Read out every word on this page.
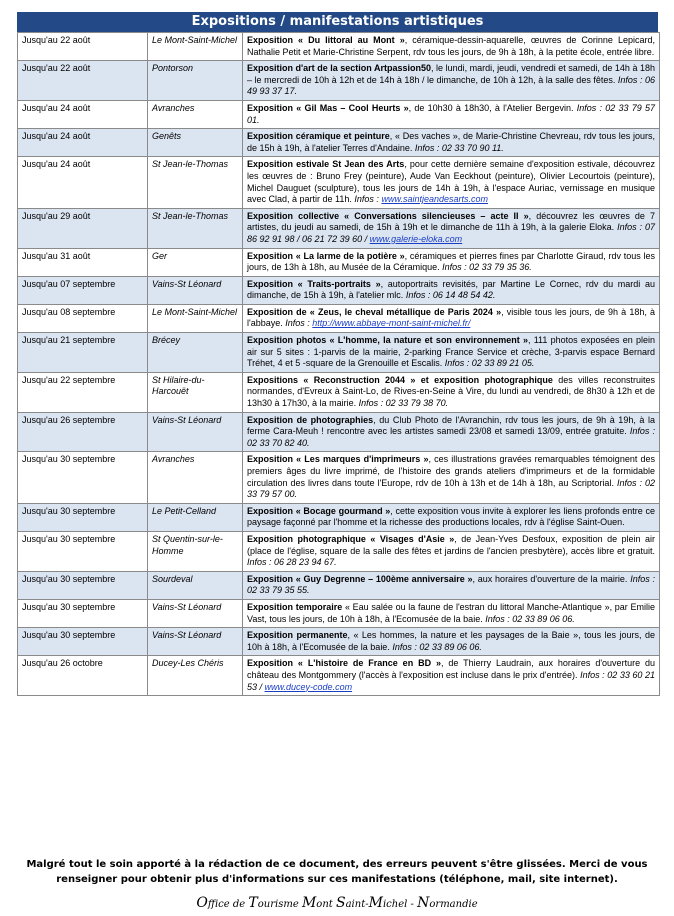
Expositions / manifestations artistiques
Jusqu'au 22 août	Le Mont-Saint-Michel	Exposition « Du littoral au Mont », céramique-dessin-aquarelle, œuvres de Corinne Lepicard, Nathalie Petit et Marie-Christine Serpent, rdv tous les jours, de 9h à 18h, à la petite école, entrée libre.
Jusqu'au 22 août	Pontorson	Exposition d'art de la section Artpassion50, le lundi, mardi, jeudi, vendredi et samedi, de 14h à 18h – le mercredi de 10h à 12h et de 14h à 18h / le dimanche, de 10h à 12h, à la salle des fêtes. Infos : 06 49 93 37 17.
Jusqu'au 24 août	Avranches	Exposition « Gil Mas – Cool Heurts », de 10h30 à 18h30, à l'Atelier Bergevin. Infos : 02 33 79 57 01.
Jusqu'au 24 août	Genêts	Exposition céramique et peinture, « Des vaches », de Marie-Christine Chevreau, rdv tous les jours, de 15h à 19h, à l'atelier Terres d'Andaine. Infos : 02 33 70 90 11.
Jusqu'au 24 août	St Jean-le-Thomas	Exposition estivale St Jean des Arts, pour cette dernière semaine d'exposition estivale, découvrez les œuvres de : Bruno Frey (peinture), Aude Van Eeckhout (peinture), Olivier Lecourtois (peinture), Michel Dauguet (sculpture), tous les jours de 14h à 19h, à l'espace Auriac, vernissage en musique avec Clad, à partir de 11h. Infos : www.saintjeandesarts.com
Jusqu'au 29 août	St Jean-le-Thomas	Exposition collective « Conversations silencieuses – acte II », découvrez les œuvres de 7 artistes, du jeudi au samedi, de 15h à 19h et le dimanche de 11h à 19h, à la galerie Eloka. Infos : 07 86 92 91 98 / 06 21 72 39 60 / www.galerie-eloka.com
Jusqu'au 31 août	Ger	Exposition « La larme de la potière », céramiques et pierres fines par Charlotte Giraud, rdv tous les jours, de 13h à 18h, au Musée de la Céramique. Infos : 02 33 79 35 36.
Jusqu'au 07 septembre	Vains-St Léonard	Exposition « Traits-portraits », autoportraits revisités, par Martine Le Cornec, rdv du mardi au dimanche, de 15h à 19h, à l'atelier mlc. Infos : 06 14 48 54 42.
Jusqu'au 08 septembre	Le Mont-Saint-Michel	Exposition de « Zeus, le cheval métallique de Paris 2024 », visible tous les jours, de 9h à 18h, à l'abbaye. Infos : http://www.abbaye-mont-saint-michel.fr/
Jusqu'au 21 septembre	Brécey	Exposition photos « L'homme, la nature et son environnement », 111 photos exposées en plein air sur 5 sites : 1-parvis de la mairie, 2-parking France Service et crèche, 3-parvis espace Bernard Tréhet, 4 et 5 -square de la Grenouille et Escalis. Infos : 02 33 89 21 05.
Jusqu'au 22 septembre	St Hilaire-du-Harcouët	Expositions « Reconstruction 2044 » et exposition photographique des villes reconstruites normandes, d'Evreux à Saint-Lo, de Rives-en-Seine à Vire, du lundi au vendredi, de 8h30 à 12h et de 13h30 à 17h30, à la mairie. Infos : 02 33 79 38 70.
Jusqu'au 26 septembre	Vains-St Léonard	Exposition de photographies, du Club Photo de l'Avranchin, rdv tous les jours, de 9h à 19h, à la ferme Cara-Meuh ! rencontre avec les artistes samedi 23/08 et samedi 13/09, entrée gratuite. Infos : 02 33 70 82 40.
Jusqu'au 30 septembre	Avranches	Exposition « Les marques d'imprimeurs », ces illustrations gravées remarquables témoignent des premiers âges du livre imprimé, de l'histoire des grands ateliers d'imprimeurs et de la formidable circulation des livres dans toute l'Europe, rdv de 10h à 13h et de 14h à 18h, au Scriptorial. Infos : 02 33 79 57 00.
Jusqu'au 30 septembre	Le Petit-Celland	Exposition « Bocage gourmand », cette exposition vous invite à explorer les liens profonds entre ce paysage façonné par l'homme et la richesse des productions locales, rdv à l'église Saint-Ouen.
Jusqu'au 30 septembre	St Quentin-sur-le-Homme	Exposition photographique « Visages d'Asie », de Jean-Yves Desfoux, exposition de plein air (place de l'église, square de la salle des fêtes et jardins de l'ancien presbytère), accès libre et gratuit. Infos : 06 28 23 94 67.
Jusqu'au 30 septembre	Sourdeval	Exposition « Guy Degrenne – 100ème anniversaire », aux horaires d'ouverture de la mairie. Infos : 02 33 79 35 55.
Jusqu'au 30 septembre	Vains-St Léonard	Exposition temporaire « Eau salée ou la faune de l'estran du littoral Manche-Atlantique », par Emilie Vast, tous les jours, de 10h à 18h, à l'Ecomusée de la baie. Infos : 02 33 89 06 06.
Jusqu'au 30 septembre	Vains-St Léonard	Exposition permanente, « Les hommes, la nature et les paysages de la Baie », tous les jours, de 10h à 18h, à l'Ecomusée de la baie. Infos : 02 33 89 06 06.
Jusqu'au 26 octobre	Ducey-Les Chéris	Exposition « L'histoire de France en BD », de Thierry Laudrain, aux horaires d'ouverture du château des Montgommery (l'accès à l'exposition est incluse dans le prix d'entrée). Infos : 02 33 60 21 53 / www.ducey-code.com
Malgré tout le soin apporté à la rédaction de ce document, des erreurs peuvent s'être glissées. Merci de vous renseigner pour obtenir plus d'informations sur ces manifestations (téléphone, mail, site internet).
Ofice de Tourisme Mont Saint-Michel - Normandie
